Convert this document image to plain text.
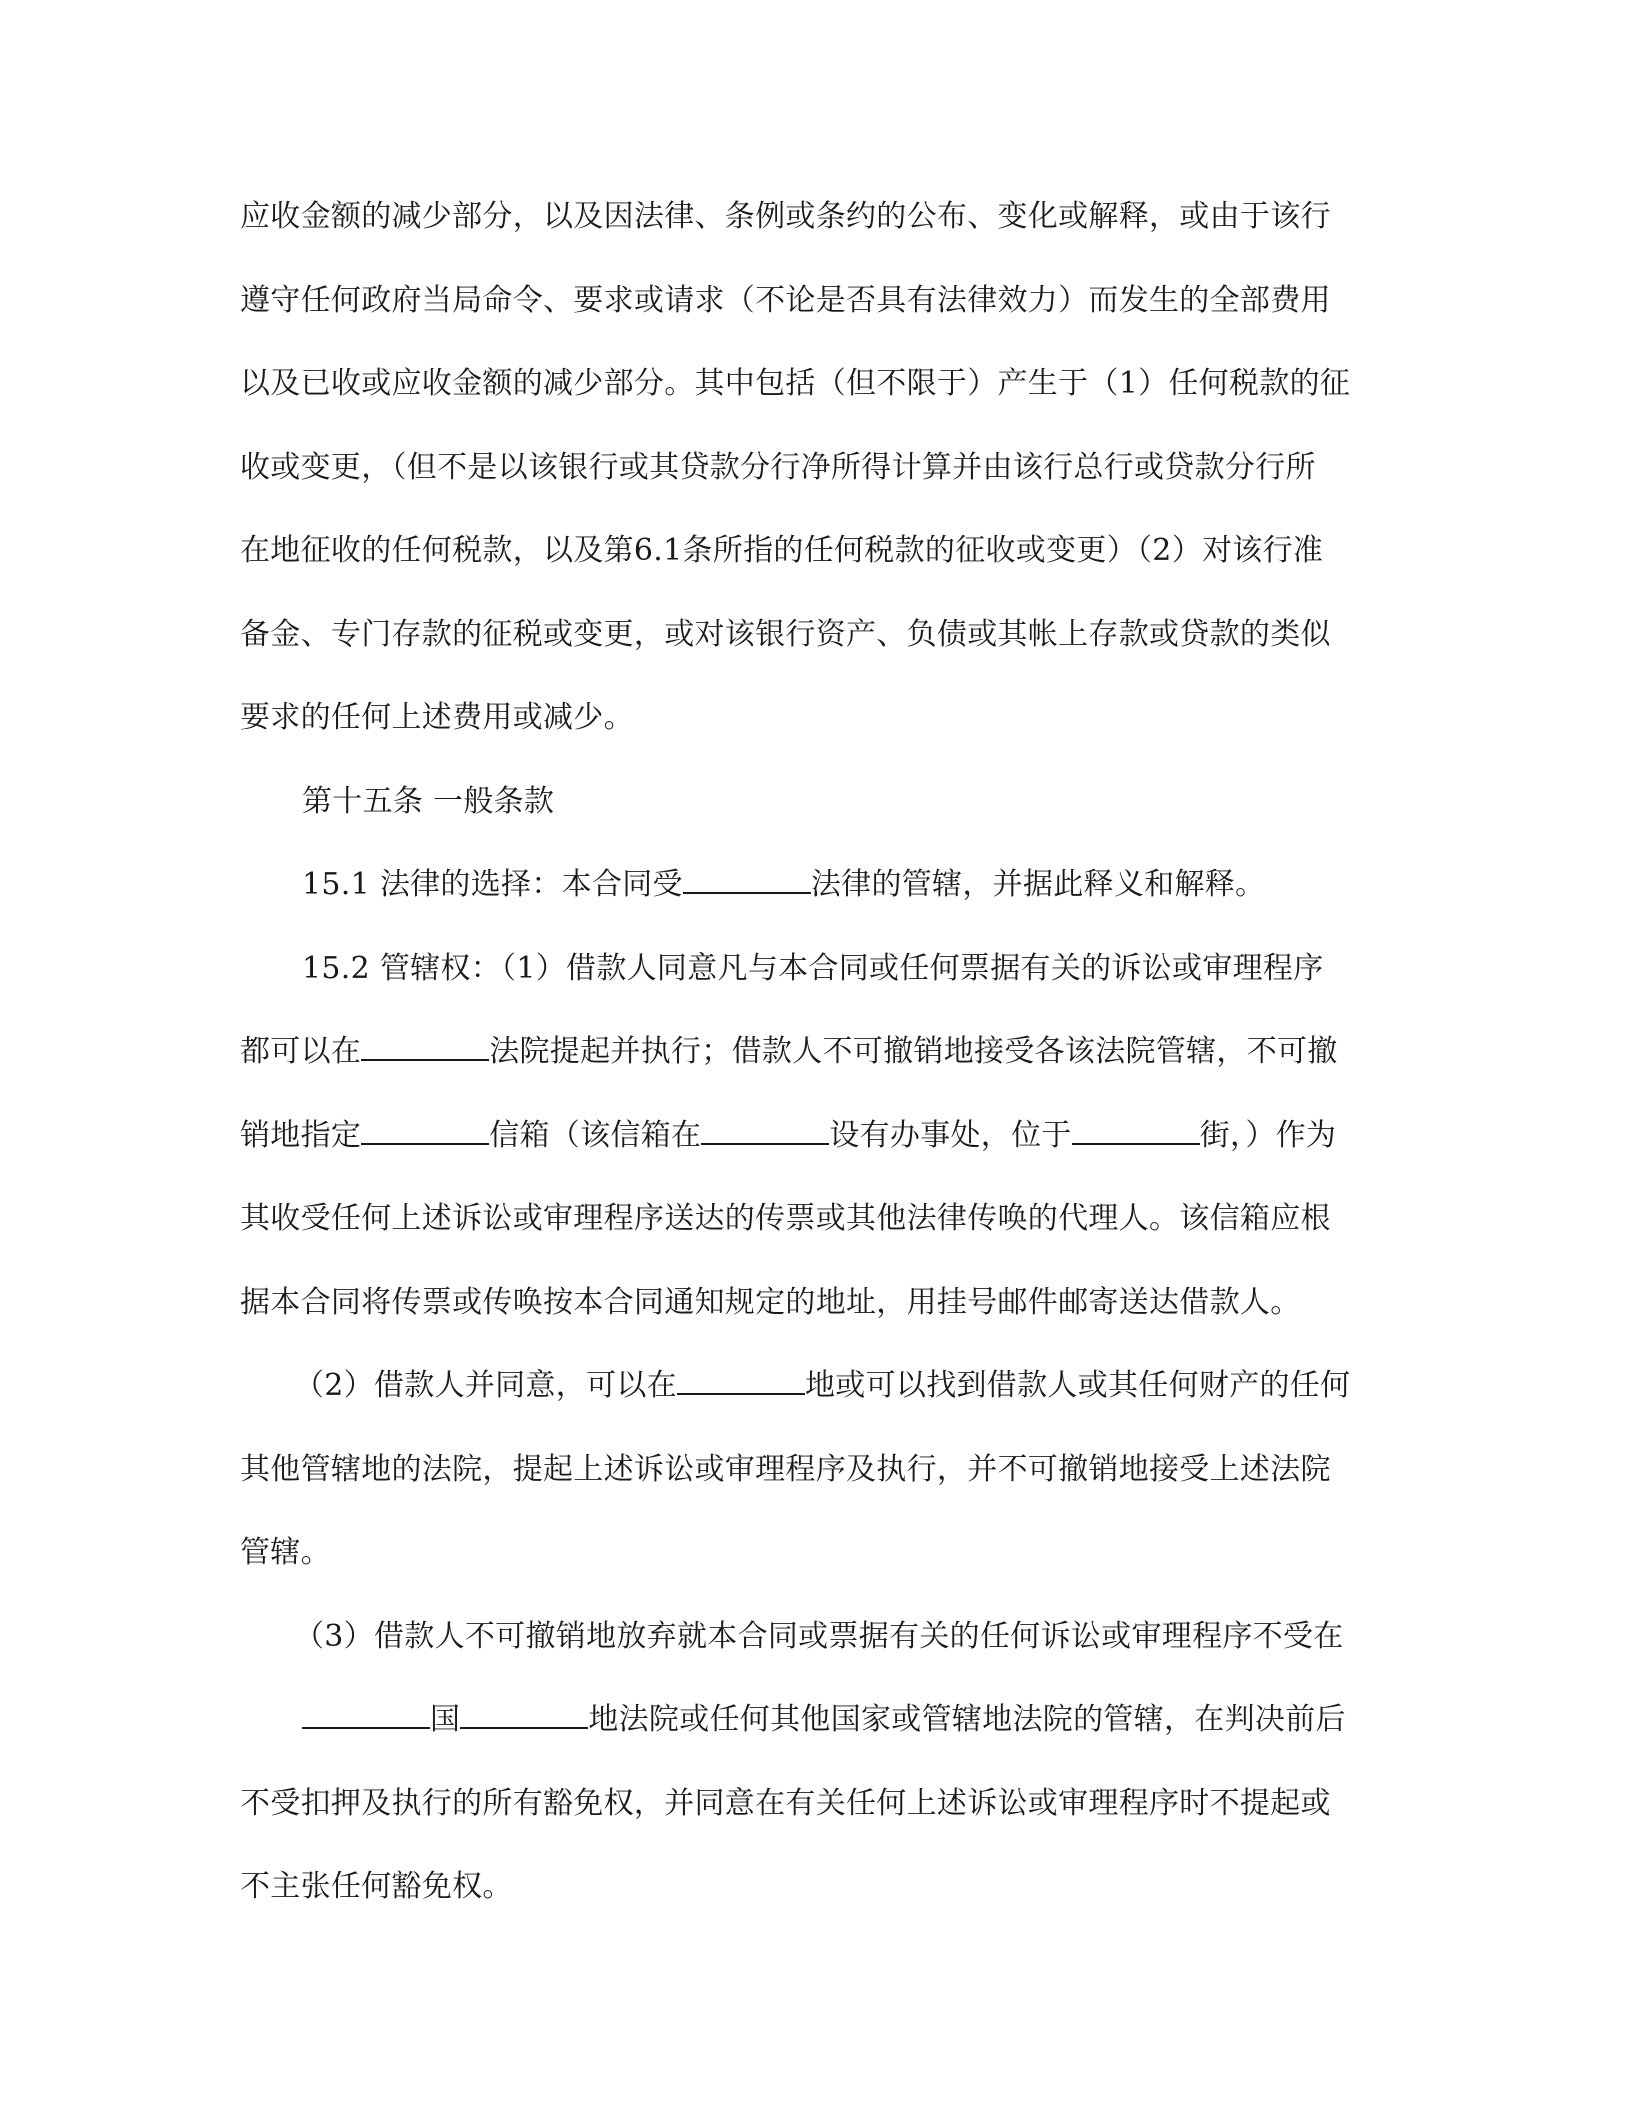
应收金额的减少部分，以及因法律、条例或条约的公布、变化或解释，或由于该行
遵守任何政府当局命令、要求或请求（不论是否具有法律效力）而发生的全部费用
以及已收或应收金额的减少部分。其中包括（但不限于）产生于（1）任何税款的征
收或变更，（但不是以该银行或其贷款分行净所得计算并由该行总行或贷款分行所
在地征收的任何税款，以及第6.1条所指的任何税款的征收或变更）（2）对该行准
备金、专门存款的征税或变更，或对该银行资产、负债或其帐上存款或贷款的类似
要求的任何上述费用或减少。
第十五条 一般条款
15.1 法律的选择：本合同受	法律的管辖，并据此释义和解释。
15.2 管辖权：（1）借款人同意凡与本合同或任何票据有关的诉讼或审理程序
都可以在	法院提起并执行；借款人不可撤销地接受各该法院管辖，不可撤
销地指定	信箱（该信箱在	设有办事处，位于	街，）作为
其收受任何上述诉讼或审理程序送达的传票或其他法律传唤的代理人。该信箱应根
据本合同将传票或传唤按本合同通知规定的地址，用挂号邮件邮寄送达借款人。
（2）借款人并同意，可以在	地或可以找到借款人或其任何财产的任何
其他管辖地的法院，提起上述诉讼或审理程序及执行，并不可撤销地接受上述法院
管辖。
（3）借款人不可撤销地放弃就本合同或票据有关的任何诉讼或审理程序不受在
国	地法院或任何其他国家或管辖地法院的管辖，在判决前后
不受扣押及执行的所有豁免权，并同意在有关任何上述诉讼或审理程序时不提起或
不主张任何豁免权。
